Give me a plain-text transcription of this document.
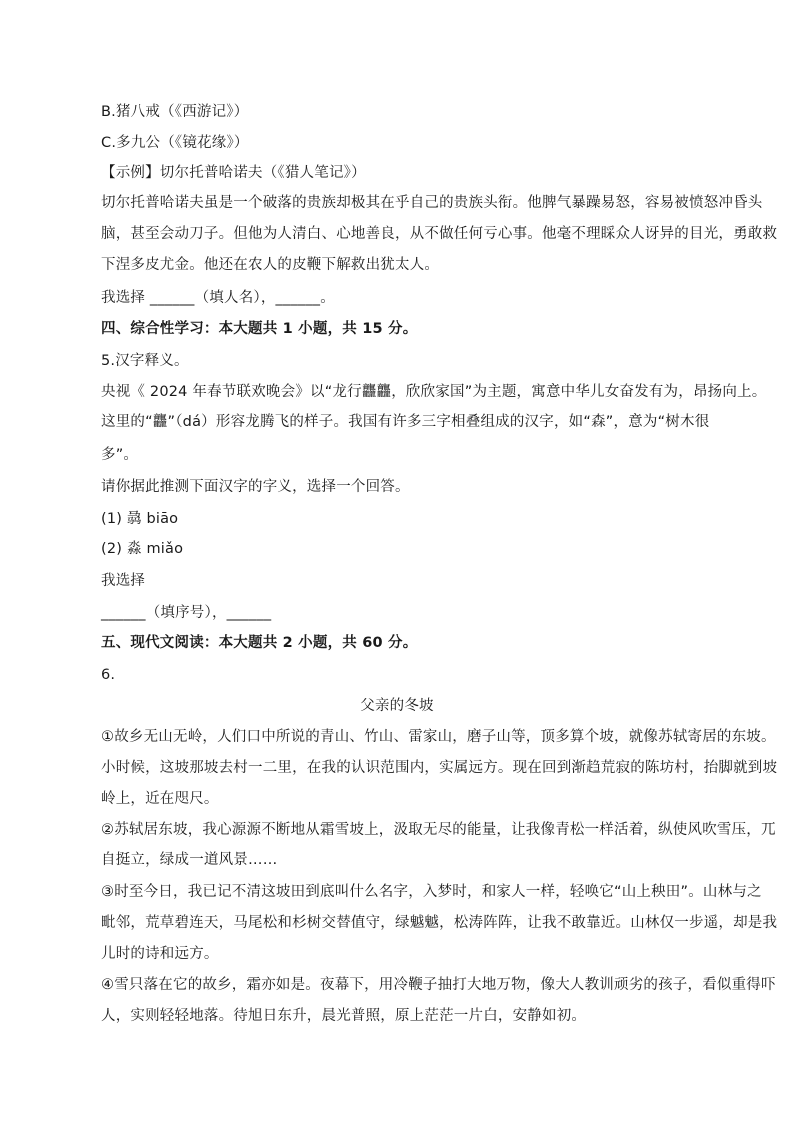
B.猪八戒（《西游记》）
C.多九公（《镜花缘》）
【示例】切尔托普哈诺夫（《猎人笔记》）
切尔托普哈诺夫虽是一个破落的贵族却极其在乎自己的贵族头衔。他脾气暴躁易怒，容易被愤怒冲昏头
脑，甚至会动刀子。但他为人清白、心地善良，从不做任何亏心事。他毫不理睬众人讶异的目光，勇敢救
下涅多皮尤金。他还在农人的皮鞭下解救出犹太人。
我选择 ______（填人名），______。
四、综合性学习：本大题共 1 小题，共 15 分。
5.汉字释义。
央视《 2024 年春节联欢晚会》以“龙行龘龘，欣欣家国”为主题，寓意中华儿女奋发有为，昂扬向上。
这里的“龘”（dá）形容龙腾飞的样子。我国有许多三字相叠组成的汉字，如“森”，意为“树木很
多”。
请你据此推测下面汉字的字义，选择一个回答。
(1) 骉 biāo
(2) 淼 miǎo
我选择
______（填序号），______
五、现代文阅读：本大题共 2 小题，共 60 分。
6.
父亲的冬坡
①故乡无山无岭，人们口中所说的青山、竹山、雷家山，磨子山等，顶多算个坡，就像苏轼寄居的东坡。
小时候，这坡那坡去村一二里，在我的认识范围内，实属远方。现在回到渐趋荒寂的陈坊村，抬脚就到坡
岭上，近在咫尺。
②苏轼居东坡，我心源源不断地从霜雪坡上，汲取无尽的能量，让我像青松一样活着，纵使风吹雪压，兀
自挺立，绿成一道风景……
③时至今日，我已记不清这坡田到底叫什么名字，入梦时，和家人一样，轻唤它“山上秧田”。山林与之
毗邻，荒草碧连天，马尾松和杉树交替值守，绿魆魆，松涛阵阵，让我不敢靠近。山林仅一步遥，却是我
儿时的诗和远方。
④雪只落在它的故乡，霜亦如是。夜幕下，用冷鞭子抽打大地万物，像大人教训顽劣的孩子，看似重得吓
人，实则轻轻地落。待旭日东升，晨光普照，原上茫茫一片白，安静如初。
